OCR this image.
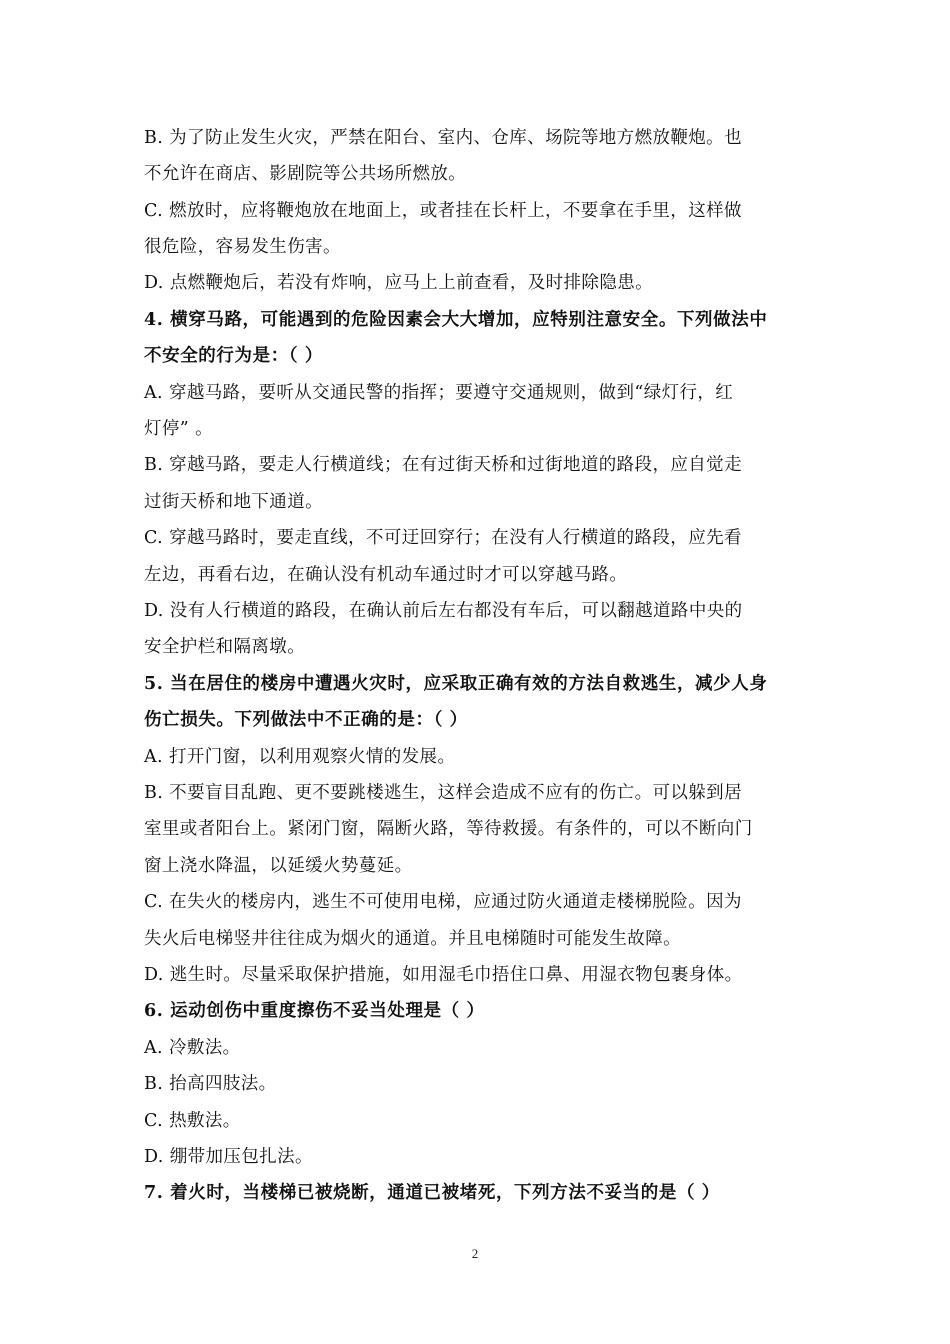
B. 为了防止发生火灾，严禁在阳台、室内、仓库、场院等地方燃放鞭炮。也
不允许在商店、影剧院等公共场所燃放。
C. 燃放时，应将鞭炮放在地面上，或者挂在长杆上，不要拿在手里，这样做
很危险，容易发生伤害。
D. 点燃鞭炮后，若没有炸响，应马上上前查看，及时排除隐患。
4. 横穿马路，可能遇到的危险因素会大大增加，应特别注意安全。下列做法中
不安全的行为是：（ ）
A. 穿越马路，要听从交通民警的指挥；要遵守交通规则，做到“绿灯行，红
灯停” 。
B. 穿越马路，要走人行横道线；在有过街天桥和过街地道的路段，应自觉走
过街天桥和地下通道。
C. 穿越马路时，要走直线，不可迂回穿行；在没有人行横道的路段，应先看
左边，再看右边，在确认没有机动车通过时才可以穿越马路。
D. 没有人行横道的路段，在确认前后左右都没有车后，可以翻越道路中央的
安全护栏和隔离墩。
5. 当在居住的楼房中遭遇火灾时，应采取正确有效的方法自救逃生，减少人身
伤亡损失。下列做法中不正确的是：（ ）
A. 打开门窗，以利用观察火情的发展。
B. 不要盲目乱跑、更不要跳楼逃生，这样会造成不应有的伤亡。可以躲到居
室里或者阳台上。紧闭门窗，隔断火路，等待救援。有条件的，可以不断向门
窗上浇水降温，以延缓火势蔓延。
C. 在失火的楼房内，逃生不可使用电梯，应通过防火通道走楼梯脱险。因为
失火后电梯竖井往往成为烟火的通道。并且电梯随时可能发生故障。
D. 逃生时。尽量采取保护措施，如用湿毛巾捂住口鼻、用湿衣物包裹身体。
6. 运动创伤中重度擦伤不妥当处理是（ ）
A. 冷敷法。
B. 抬高四肢法。
C. 热敷法。
D. 绷带加压包扎法。
7. 着火时，当楼梯已被烧断，通道已被堵死，下列方法不妥当的是（ ）
2
